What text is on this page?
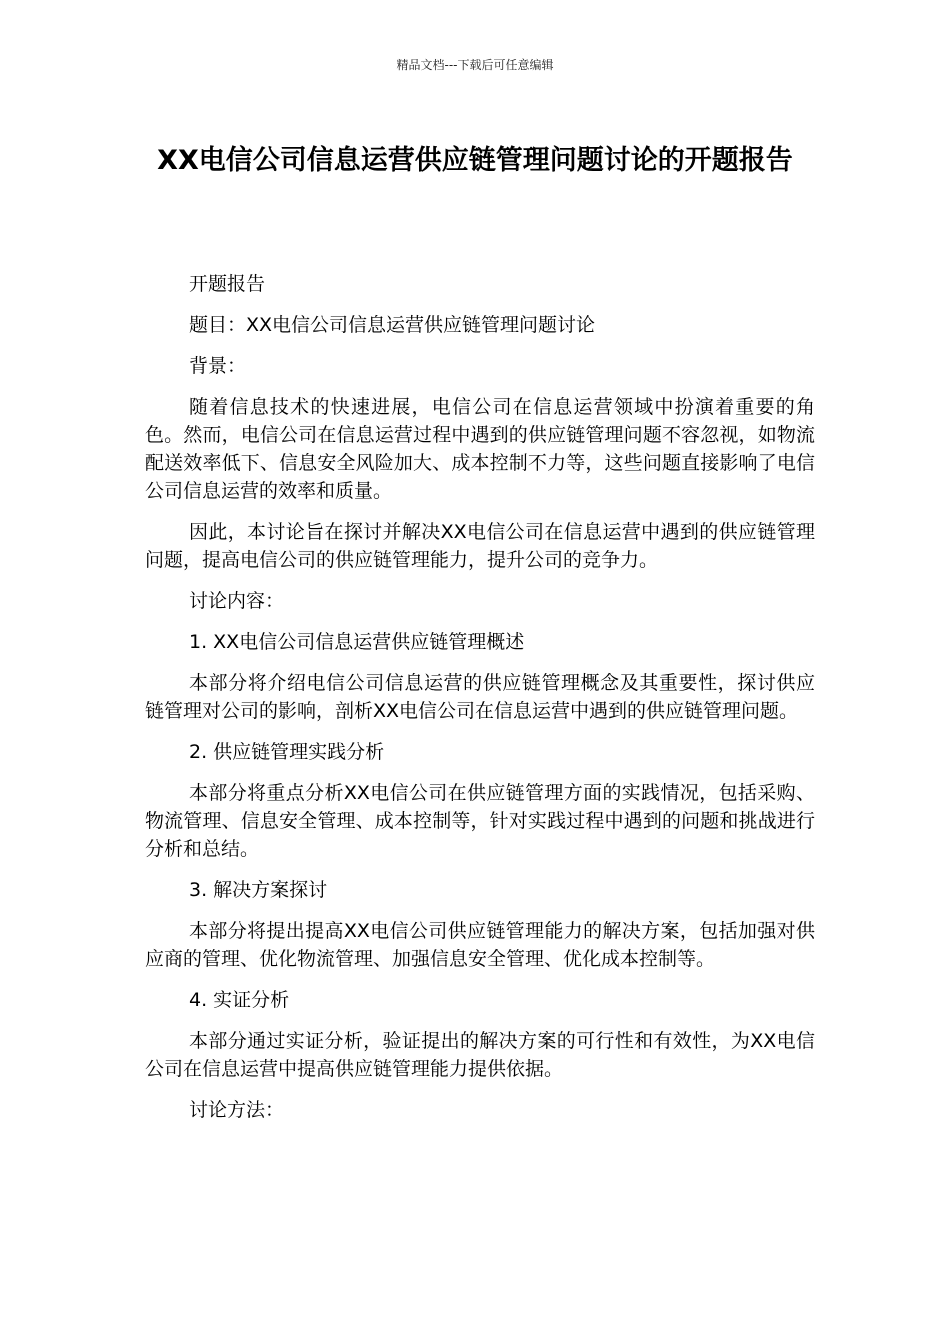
精品文档---下载后可任意编辑
XX电信公司信息运营供应链管理问题讨论的开题报告

开题报告

题目：XX电信公司信息运营供应链管理问题讨论

背景：

随着信息技术的快速进展，电信公司在信息运营领域中扮演着重要的角色。然而，电信公司在信息运营过程中遇到的供应链管理问题不容忽视，如物流配送效率低下、信息安全风险加大、成本控制不力等，这些问题直接影响了电信公司信息运营的效率和质量。

因此，本讨论旨在探讨并解决XX电信公司在信息运营中遇到的供应链管理问题，提高电信公司的供应链管理能力，提升公司的竞争力。

讨论内容：

1. XX电信公司信息运营供应链管理概述

本部分将介绍电信公司信息运营的供应链管理概念及其重要性，探讨供应链管理对公司的影响，剖析XX电信公司在信息运营中遇到的供应链管理问题。

2. 供应链管理实践分析

本部分将重点分析XX电信公司在供应链管理方面的实践情况，包括采购、物流管理、信息安全管理、成本控制等，针对实践过程中遇到的问题和挑战进行分析和总结。

3. 解决方案探讨

本部分将提出提高XX电信公司供应链管理能力的解决方案，包括加强对供应商的管理、优化物流管理、加强信息安全管理、优化成本控制等。

4. 实证分析

本部分通过实证分析，验证提出的解决方案的可行性和有效性，为XX电信公司在信息运营中提高供应链管理能力提供依据。

讨论方法：
